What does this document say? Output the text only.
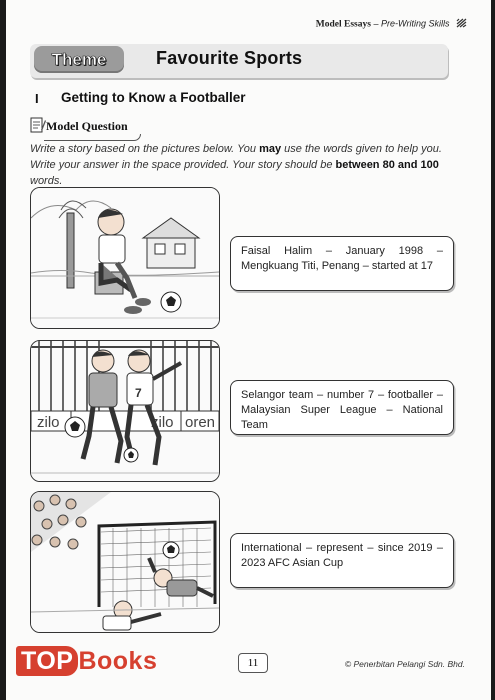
Model Essays – Pre-Writing Skills
Theme	Favourite Sports
I Getting to Know a Footballer
Model Question
Write a story based on the pictures below. You may use the words given to help you. Write your answer in the space provided. Your story should be between 80 and 100 words.
zilo	zilo oren
7
Faisal Halim – January 1998 – Mengkuang Titi, Penang – started at 17
Selangor team – number 7 – footballer – Malaysian Super League – National Team
International – represent – since 2019 – 2023 AFC Asian Cup
TOP Books	11	© Penerbitan Pelangi Sdn. Bhd.
